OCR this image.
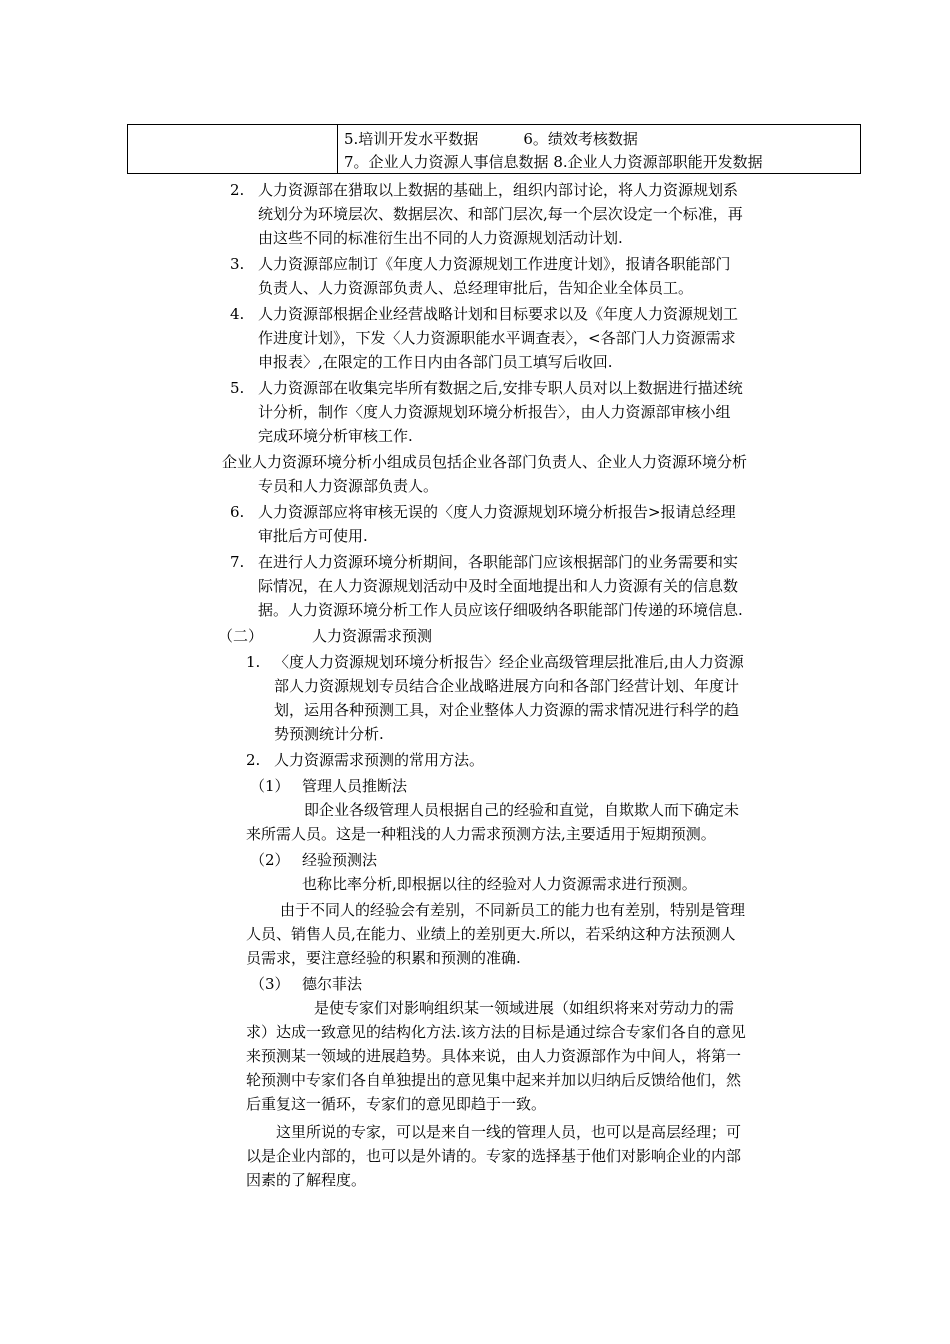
5.培训开发水平数据　　　6。绩效考核数据
7。企业人力资源人事信息数据 8.企业人力资源部职能开发数据
2. 人力资源部在猎取以上数据的基础上，组织内部讨论，将人力资源规划系
统划分为环境层次、数据层次、和部门层次,每一个层次设定一个标准，再
由这些不同的标准衍生出不同的人力资源规划活动计划.
3. 人力资源部应制订《年度人力资源规划工作进度计划》，报请各职能部门
负责人、人力资源部负责人、总经理审批后，告知企业全体员工。
4. 人力资源部根据企业经营战略计划和目标要求以及《年度人力资源规划工
作进度计划》，下发〈人力资源职能水平调查表〉，<各部门人力资源需求
申报表〉,在限定的工作日内由各部门员工填写后收回.
5. 人力资源部在收集完毕所有数据之后,安排专职人员对以上数据进行描述统
计分析，制作〈度人力资源规划环境分析报告〉，由人力资源部审核小组
完成环境分析审核工作.
企业人力资源环境分析小组成员包括企业各部门负责人、企业人力资源环境分析
专员和人力资源部负责人。
6. 人力资源部应将审核无误的〈度人力资源规划环境分析报告>报请总经理
审批后方可使用.
7. 在进行人力资源环境分析期间，各职能部门应该根据部门的业务需要和实
际情况，在人力资源规划活动中及时全面地提出和人力资源有关的信息数
据。人力资源环境分析工作人员应该仔细吸纳各职能部门传递的环境信息.
（二）	人力资源需求预测
1. 〈度人力资源规划环境分析报告〉经企业高级管理层批准后,由人力资源
部人力资源规划专员结合企业战略进展方向和各部门经营计划、年度计
划，运用各种预测工具，对企业整体人力资源的需求情况进行科学的趋
势预测统计分析.
2. 人力资源需求预测的常用方法。
（1） 管理人员推断法
即企业各级管理人员根据自己的经验和直觉，自欺欺人而下确定未
来所需人员。这是一种粗浅的人力需求预测方法,主要适用于短期预测。
（2） 经验预测法
也称比率分析,即根据以往的经验对人力资源需求进行预测。
由于不同人的经验会有差别，不同新员工的能力也有差别，特别是管理
人员、销售人员,在能力、业绩上的差别更大.所以，若采纳这种方法预测人
员需求，要注意经验的积累和预测的准确.
（3） 德尔菲法
是使专家们对影响组织某一领域进展（如组织将来对劳动力的需
求）达成一致意见的结构化方法.该方法的目标是通过综合专家们各自的意见
来预测某一领域的进展趋势。具体来说，由人力资源部作为中间人，将第一
轮预测中专家们各自单独提出的意见集中起来并加以归纳后反馈给他们，然
后重复这一循环，专家们的意见即趋于一致。
这里所说的专家，可以是来自一线的管理人员，也可以是高层经理；可
以是企业内部的，也可以是外请的。专家的选择基于他们对影响企业的内部
因素的了解程度。
